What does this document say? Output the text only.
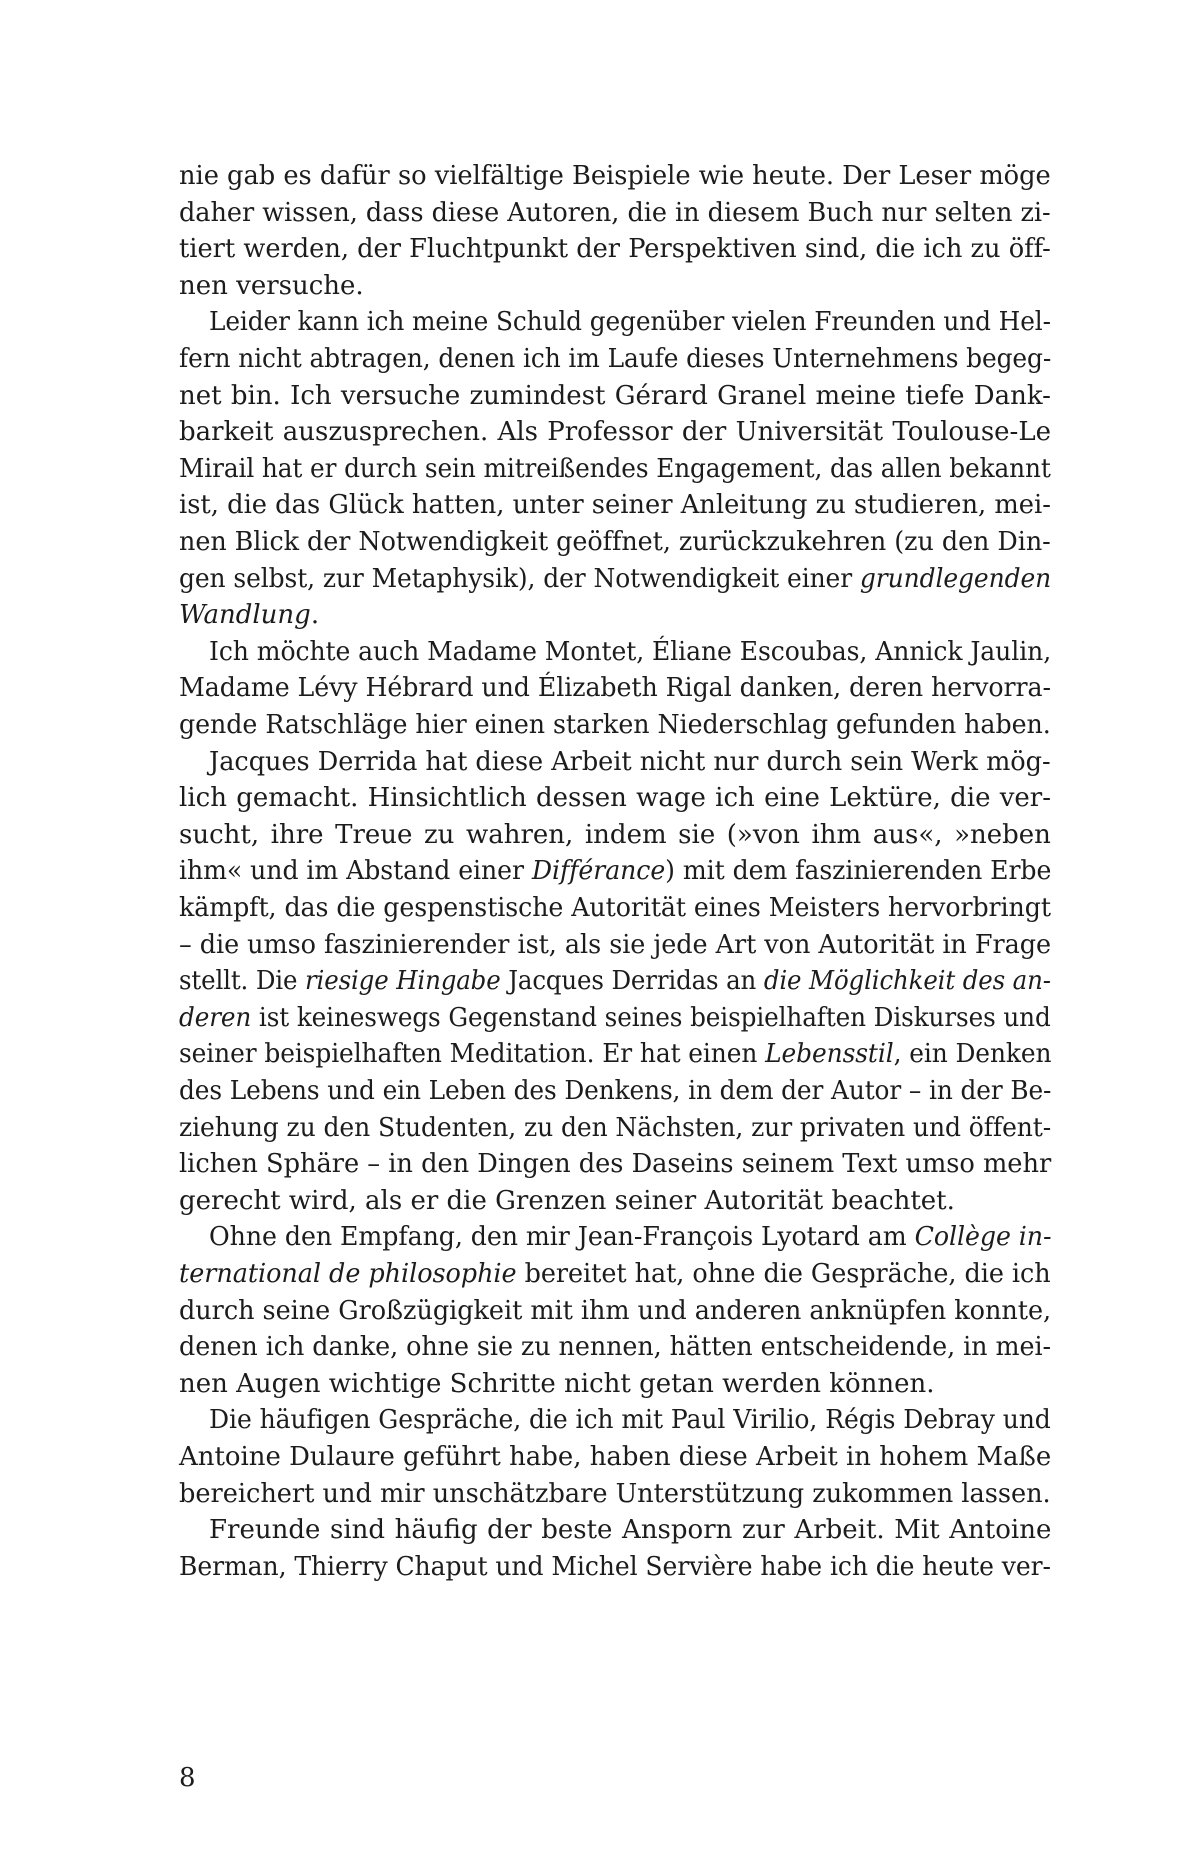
nie gab es dafür so vielfältige Beispiele wie heute. Der Leser möge
daher wissen, dass diese Autoren, die in diesem Buch nur selten zi-
tiert werden, der Fluchtpunkt der Perspektiven sind, die ich zu öff-
nen versuche.
Leider kann ich meine Schuld gegenüber vielen Freunden und Hel-
fern nicht abtragen, denen ich im Laufe dieses Unternehmens begeg-
net bin. Ich versuche zumindest Gérard Granel meine tiefe Dank-
barkeit auszusprechen. Als Professor der Universität Toulouse-Le
Mirail hat er durch sein mitreißendes Engagement, das allen bekannt
ist, die das Glück hatten, unter seiner Anleitung zu studieren, mei-
nen Blick der Notwendigkeit geöffnet, zurückzukehren (zu den Din-
gen selbst, zur Metaphysik), der Notwendigkeit einer grundlegenden
Wandlung.
Ich möchte auch Madame Montet, Éliane Escoubas, Annick Jaulin,
Madame Lévy Hébrard und Élizabeth Rigal danken, deren hervorra-
gende Ratschläge hier einen starken Niederschlag gefunden haben.
Jacques Derrida hat diese Arbeit nicht nur durch sein Werk mög-
lich gemacht. Hinsichtlich dessen wage ich eine Lektüre, die ver-
sucht, ihre Treue zu wahren, indem sie (»von ihm aus«, »neben
ihm« und im Abstand einer Différance) mit dem faszinierenden Erbe
kämpft, das die gespenstische Autorität eines Meisters hervorbringt
– die umso faszinierender ist, als sie jede Art von Autorität in Frage
stellt. Die riesige Hingabe Jacques Derridas an die Möglichkeit des an-
deren ist keineswegs Gegenstand seines beispielhaften Diskurses und
seiner beispielhaften Meditation. Er hat einen Lebensstil, ein Denken
des Lebens und ein Leben des Denkens, in dem der Autor – in der Be-
ziehung zu den Studenten, zu den Nächsten, zur privaten und öffent-
lichen Sphäre – in den Dingen des Daseins seinem Text umso mehr
gerecht wird, als er die Grenzen seiner Autorität beachtet.
Ohne den Empfang, den mir Jean-François Lyotard am Collège in-
ternational de philosophie bereitet hat, ohne die Gespräche, die ich
durch seine Großzügigkeit mit ihm und anderen anknüpfen konnte,
denen ich danke, ohne sie zu nennen, hätten entscheidende, in mei-
nen Augen wichtige Schritte nicht getan werden können.
Die häufigen Gespräche, die ich mit Paul Virilio, Régis Debray und
Antoine Dulaure geführt habe, haben diese Arbeit in hohem Maße
bereichert und mir unschätzbare Unterstützung zukommen lassen.
Freunde sind häufig der beste Ansporn zur Arbeit. Mit Antoine
Berman, Thierry Chaput und Michel Servière habe ich die heute ver-
8
